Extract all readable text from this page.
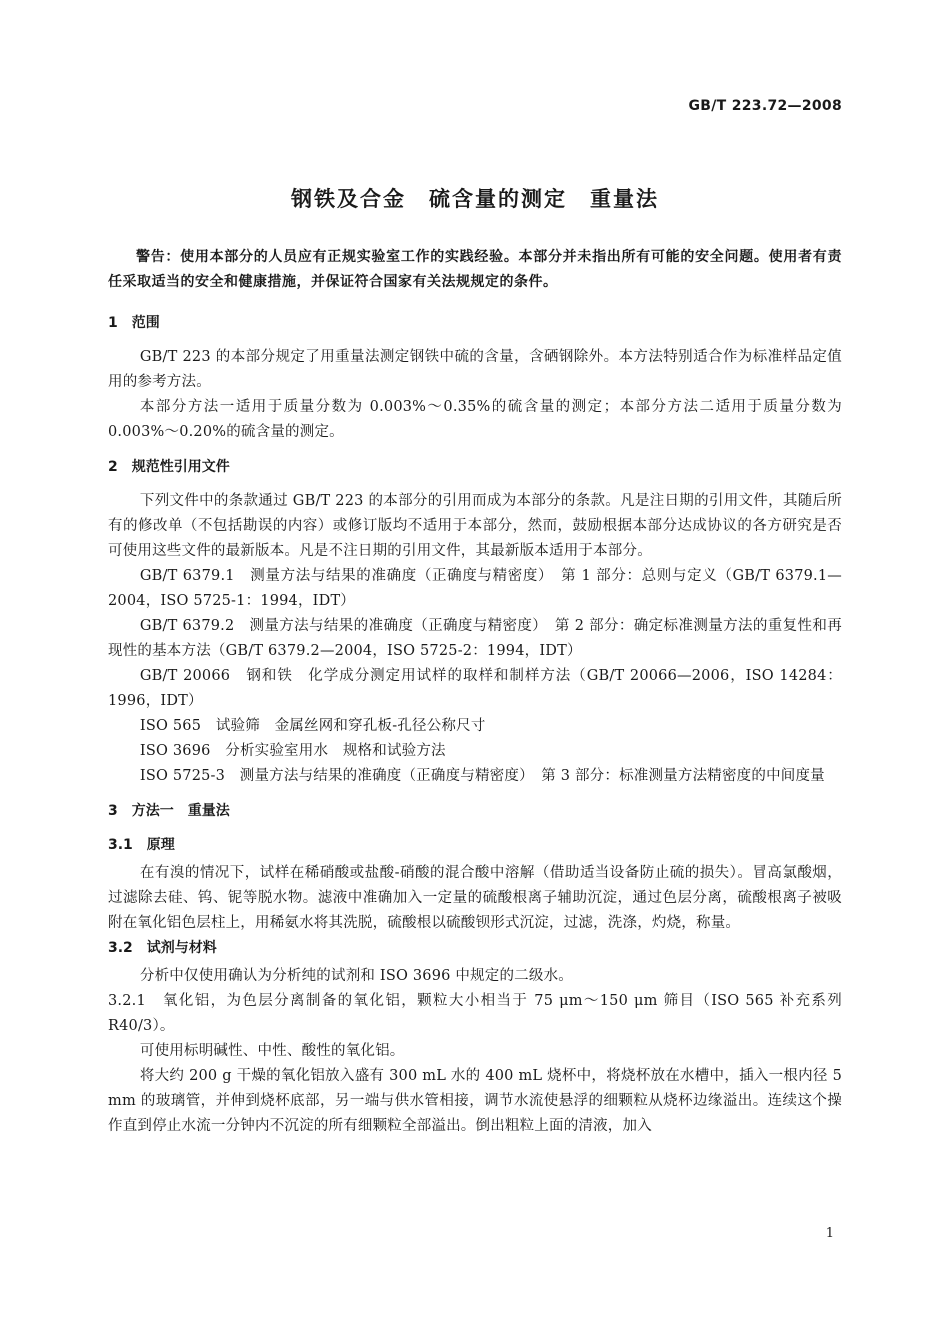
GB/T 223.72—2008
钢铁及合金　硫含量的测定　重量法

警告：使用本部分的人员应有正规实验室工作的实践经验。本部分并未指出所有可能的安全问题。使用者有责任采取适当的安全和健康措施，并保证符合国家有关法规规定的条件。

1　范围

GB/T 223 的本部分规定了用重量法测定钢铁中硫的含量，含硒钢除外。本方法特别适合作为标准样品定值用的参考方法。

本部分方法一适用于质量分数为 0.003%～0.35%的硫含量的测定；本部分方法二适用于质量分数为 0.003%～0.20%的硫含量的测定。

2　规范性引用文件

下列文件中的条款通过 GB/T 223 的本部分的引用而成为本部分的条款。凡是注日期的引用文件，其随后所有的修改单（不包括勘误的内容）或修订版均不适用于本部分，然而，鼓励根据本部分达成协议的各方研究是否可使用这些文件的最新版本。凡是不注日期的引用文件，其最新版本适用于本部分。

GB/T 6379.1　测量方法与结果的准确度（正确度与精密度）　第 1 部分：总则与定义（GB/T 6379.1—2004，ISO 5725-1：1994，IDT）

GB/T 6379.2　测量方法与结果的准确度（正确度与精密度）　第 2 部分：确定标准测量方法的重复性和再现性的基本方法（GB/T 6379.2—2004，ISO 5725-2：1994，IDT）

GB/T 20066　钢和铁　化学成分测定用试样的取样和制样方法（GB/T 20066—2006，ISO 14284：1996，IDT）

ISO 565　试验筛　金属丝网和穿孔板-孔径公称尺寸

ISO 3696　分析实验室用水　规格和试验方法

ISO 5725-3　测量方法与结果的准确度（正确度与精密度）　第 3 部分：标准测量方法精密度的中间度量

3　方法一　重量法
3.1　原理

在有溴的情况下，试样在稀硝酸或盐酸-硝酸的混合酸中溶解（借助适当设备防止硫的损失）。冒高氯酸烟，过滤除去硅、钨、铌等脱水物。滤液中准确加入一定量的硫酸根离子辅助沉淀，通过色层分离，硫酸根离子被吸附在氧化铝色层柱上，用稀氨水将其洗脱，硫酸根以硫酸钡形式沉淀，过滤，洗涤，灼烧，称量。

3.2　试剂与材料

分析中仅使用确认为分析纯的试剂和 ISO 3696 中规定的二级水。

3.2.1　氧化铝，为色层分离制备的氧化铝，颗粒大小相当于 75 μm～150 μm 筛目（ISO 565 补充系列R40/3）。

可使用标明碱性、中性、酸性的氧化铝。

将大约 200 g 干燥的氧化铝放入盛有 300 mL 水的 400 mL 烧杯中，将烧杯放在水槽中，插入一根内径 5 mm 的玻璃管，并伸到烧杯底部，另一端与供水管相接，调节水流使悬浮的细颗粒从烧杯边缘溢出。连续这个操作直到停止水流一分钟内不沉淀的所有细颗粒全部溢出。倒出粗粒上面的清液，加入

1
